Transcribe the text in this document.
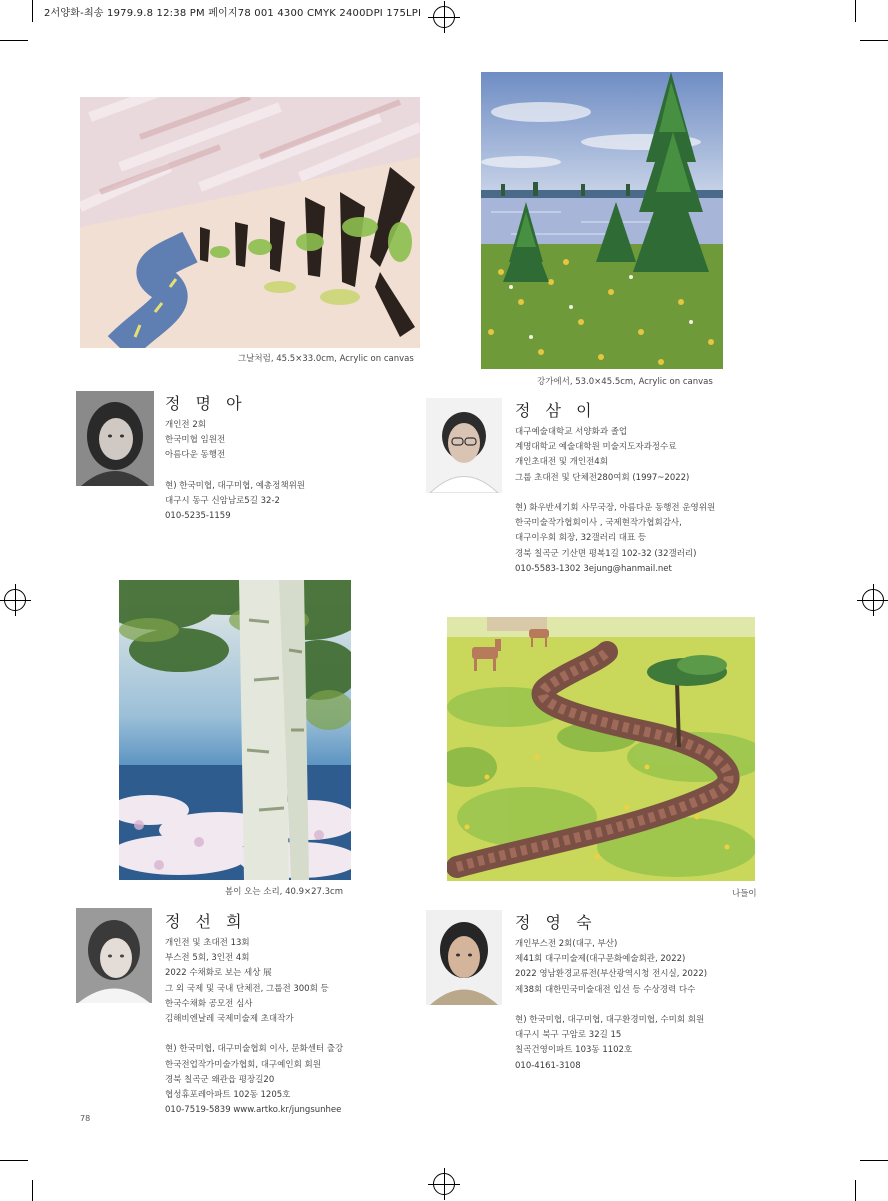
2서양화-최송 1979.9.8 12:38 PM 페이지78 001 4300 CMYK 2400DPI 175LPI
그날처럼, 45.5×33.0cm, Acrylic on canvas
강가에서, 53.0×45.5cm, Acrylic on canvas
정 명 아
개인전 2회
한국미협 임원전
아름다운 동행전
현) 한국미협, 대구미협, 예총정책위원
대구시 동구 신암남로5길 32-2
010-5235-1159
정 삼 이
대구예술대학교 서양화과 졸업
계명대학교 예술대학원 미술지도자과정수료
개인초대전 및 개인전4회
그룹 초대전 및 단체전280여회 (1997~2022)
현) 화우반세기회 사무국장, 아름다운 동행전 운영위원
한국미술작가협회이사 , 국제현작가협회감사,
대구이우회 회장, 32갤러리 대표 등
경북 칠곡군 기산면 평복1길 102-32 (32갤러리)
010-5583-1302 3ejung@hanmail.net
봄이 오는 소리, 40.9×27.3cm	나들이
정 선 희
개인전 및 초대전 13회
부스전 5회, 3인전 4회
2022 수채화로 보는 세상 展
그 외 국제 및 국내 단체전, 그룹전 300회 등
한국수채화 공모전 심사
김해비엔날레 국제미술제 초대작가
현) 한국미협, 대구미술협회 이사, 문화센터 출강
한국전업작가미술가협회, 대구예인회 회원
경북 칠곡군 왜관읍 평장길20
협성휴포레아파트 102동 1205호
010-7519-5839 www.artko.kr/jungsunhee
정 영 숙
개인부스전 2회(대구, 부산)
제41회 대구미술제(대구문화예술회관, 2022)
2022 영남환경교류전(부산광역시청 전시실, 2022)
제38회 대한민국미술대전 입선 등 수상경력 다수
현) 한국미협, 대구미협, 대구환경미협, 수미회 회원
대구시 북구 구암로 32길 15
칠곡건영이파트 103동 1102호
010-4161-3108
78
